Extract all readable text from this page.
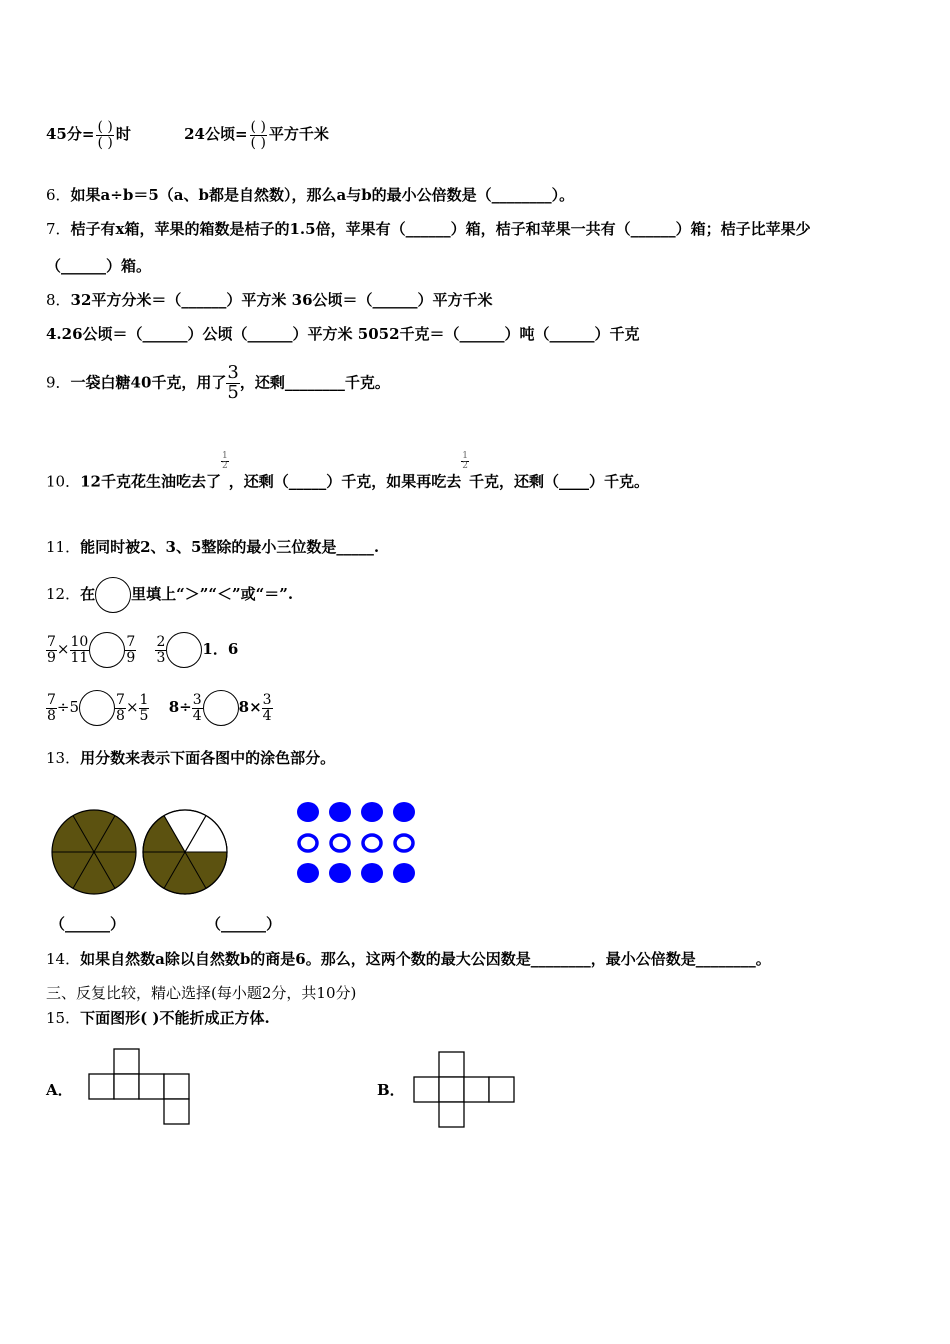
45分= $\frac{( )}{( )}$ 时	24公顷= $\frac{( )}{( )}$ 平方千米
6．如果a÷b＝5（a、b都是自然数），那么a与b的最小公倍数是（________）。
7．桔子有x箱，苹果的箱数是桔子的1.5倍，苹果有（______）箱，桔子和苹果一共有（______）箱；桔子比苹果少
（______）箱。
8．32平方分米＝（______）平方米 36公顷＝（______）平方千米
4.26公顷＝（______）公顷（______）平方米 5052千克＝（______）吨（______）千克
9．一袋白糖40千克，用了 $\frac{3}{5}$ ，还剩________千克。
10．12千克花生油吃去了
$\frac{1}{2}$
，还剩（_____）千克，如果再吃去
$\frac{1}{2}$
千克，还剩（____）千克。
11．能同时被2、3、5整除的最小三位数是_____.
12．在 里填上“＞”“＜”或“＝”.
$\frac{7}{9} \times \frac{10}{11}$	$\frac{7}{9}$
$\frac{2}{3} 1$．6
$\frac{7}{8} \div 5$	$\frac{7}{8} \times \frac{1}{5} 8\div \frac{3}{4} 8\times \frac{3}{4}$
13．用分数来表示下面各图中的涂色部分。
（______）	（______）
14．如果自然数a除以自然数b的商是6。那么，这两个数的最大公因数是________，最小公倍数是________。
三、反复比较，精心选择(每小题2分，共10分)
15．下面图形( )不能折成正方体.
A．	B．
